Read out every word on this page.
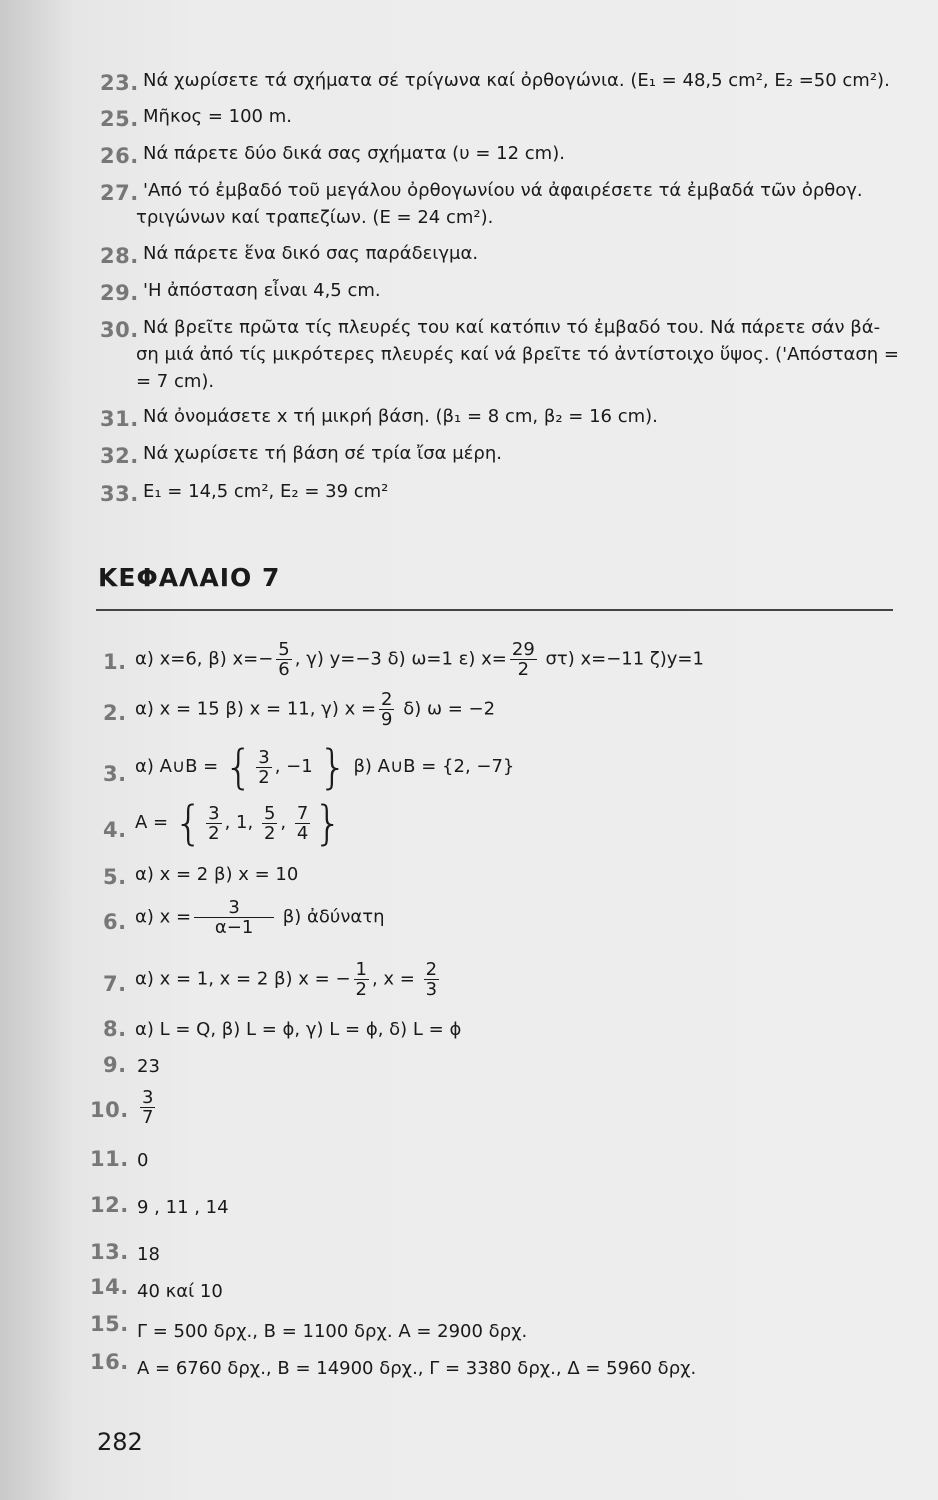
23. Νά χωρίσετε τά σχήματα σέ τρίγωνα καί ὀρθογώνια. (E₁ = 48,5 cm², E₂ =50 cm²).
25. Μῆκος = 100 m.
26. Νά πάρετε δύο δικά σας σχήματα (υ = 12 cm).
27. 'Από τό ἐμβαδό τοῦ μεγάλου ὀρθογωνίου νά ἀφαιρέσετε τά ἐμβαδά τῶν ὀρθογ.
τριγώνων καί τραπεζίων. (E = 24 cm²).
28. Νά πάρετε ἕνα δικό σας παράδειγμα.
29. 'Η ἀπόσταση εἶναι 4,5 cm.
30. Νά βρεῖτε πρῶτα τίς πλευρές του καί κατόπιν τό ἐμβαδό του. Νά πάρετε σάν βά-
ση μιά ἀπό τίς μικρότερες πλευρές καί νά βρεῖτε τό ἀντίστοιχο ὕψος. ('Απόσταση =
= 7 cm).
31. Νά ὀνομάσετε x τή μικρή βάση. (β₁ = 8 cm, β₂ = 16 cm).
32. Νά χωρίσετε τή βάση σέ τρία ἴσα μέρη.
33. E₁ = 14,5 cm², E₂ = 39 cm²
ΚΕΦΑΛΑΙΟ 7
1. α) x=6, β) $x=- \frac{5}{6}$ , γ) y=−3 δ) ω=1 ε) $x= \frac{29}{2} \sigma\tau$) x=−11 ζ)y=1
2. α) x = 15 β) x = 11, γ) $x = \frac{2}{9} \delta$) ω = −2
3. α) A∪B = { $\frac{3}{2}$ , −1 } β) A∪B = {2, −7}
4. A = { $\frac{3}{2}$ , 1, $\frac{5}{2}$ , $\frac{7}{4}$ }
5. α) x = 2 β) x = 10
6. α) $x = \frac{3}{\alpha-1} \beta$) ἀδύνατη
7. α) x = 1, x = 2 β) x = − $\frac{1}{2}$ , $x = \frac{2}{3}$
8. α) L = Q, β) L = ϕ, γ) L = ϕ, δ) L = ϕ
9. 23
10. $\frac{3}{7}$
11. 0
12. 9 , 11 , 14
13. 18
14. 40 καί 10
15. Γ = 500 δρχ., B = 1100 δρχ. A = 2900 δρχ.
16. A = 6760 δρχ., B = 14900 δρχ., Γ = 3380 δρχ., Δ = 5960 δρχ.
282
